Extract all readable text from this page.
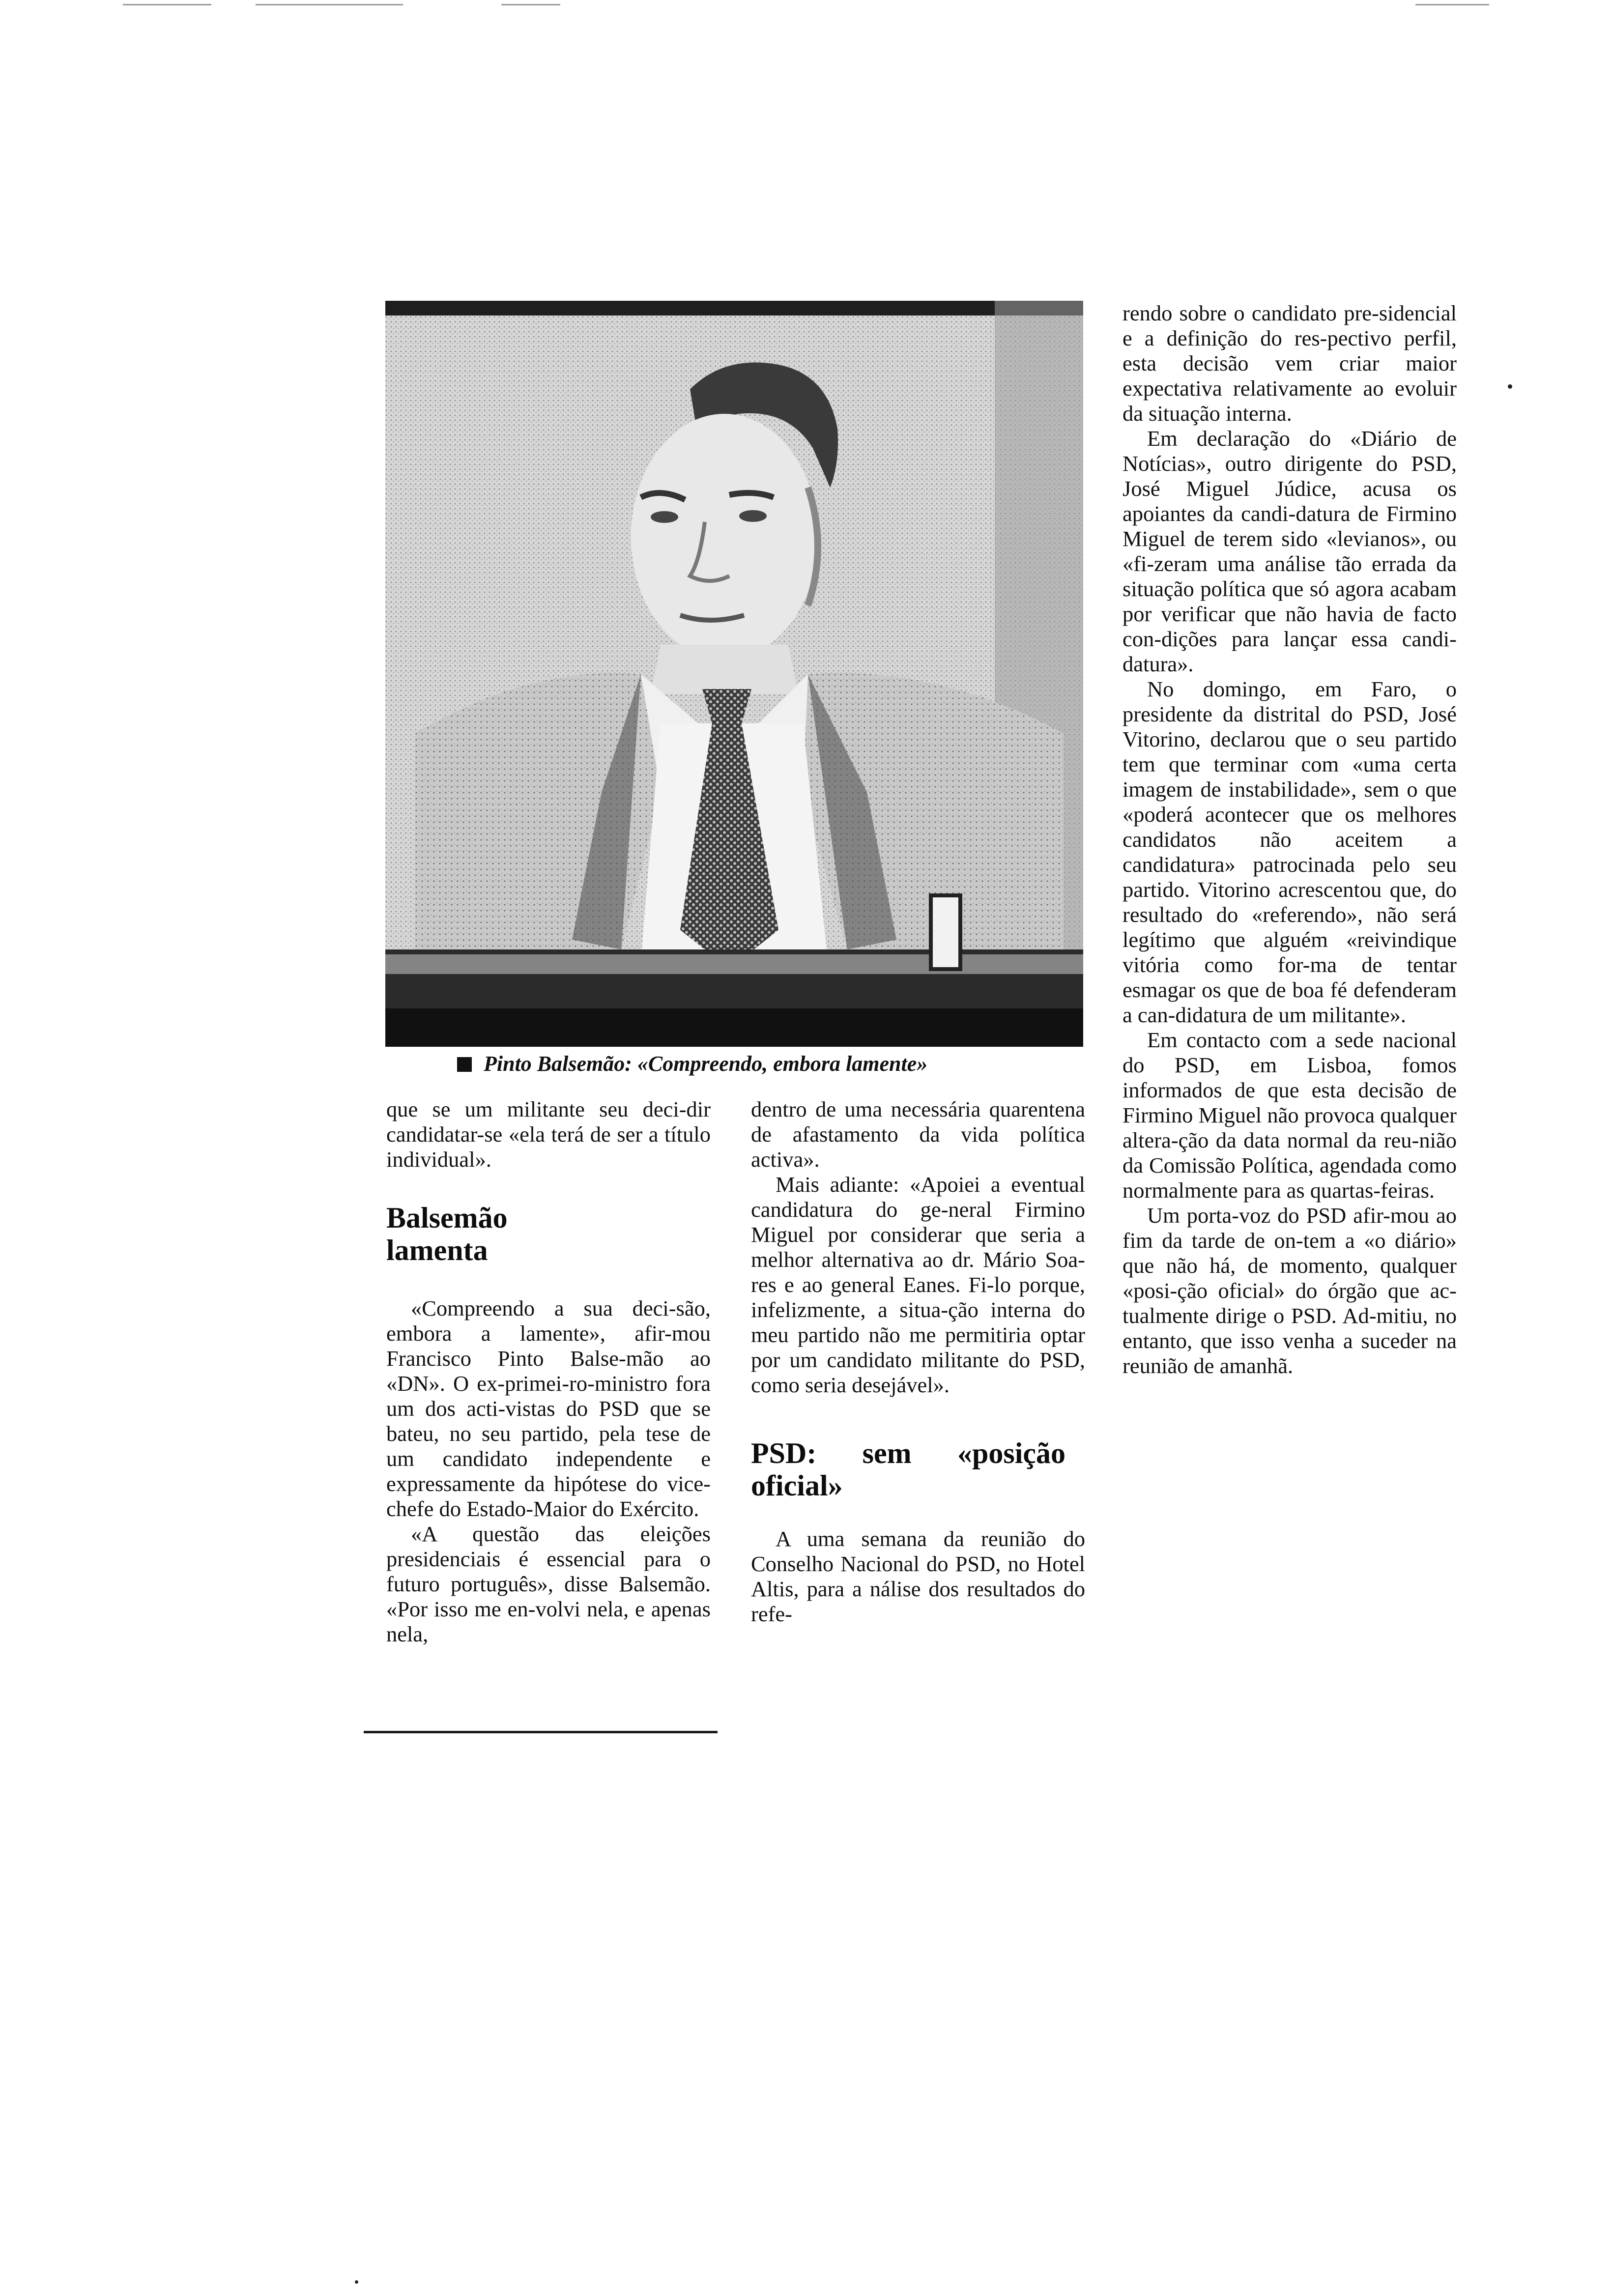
Pinto Balsemão: «Compreendo, embora lamente»

que se um militante seu deci-dir candidatar-se «ela terá de ser a título individual».

Balsemão lamenta

«Compreendo a sua deci-são, embora a lamente», afir-mou Francisco Pinto Balse-mão ao «DN». O ex-primei-ro-ministro fora um dos acti-vistas do PSD que se bateu, no seu partido, pela tese de um candidato independente e expressamente da hipótese do vice-chefe do Estado-Maior do Exército.

«A questão das eleições presidenciais é essencial para o futuro português», disse Balsemão. «Por isso me en-volvi nela, e apenas nela,

dentro de uma necessária quarentena de afastamento da vida política activa».

Mais adiante: «Apoiei a eventual candidatura do ge-neral Firmino Miguel por considerar que seria a melhor alternativa ao dr. Mário Soa-res e ao general Eanes. Fi-lo porque, infelizmente, a situa-ção interna do meu partido não me permitiria optar por um candidato militante do PSD, como seria desejável».

PSD: sem «posição oficial»

A uma semana da reunião do Conselho Nacional do PSD, no Hotel Altis, para a nálise dos resultados do refe-

rendo sobre o candidato pre-sidencial e a definição do res-pectivo perfil, esta decisão vem criar maior expectativa relativamente ao evoluir da situação interna.

Em declaração do «Diário de Notícias», outro dirigente do PSD, José Miguel Júdice, acusa os apoiantes da candi-datura de Firmino Miguel de terem sido «levianos», ou «fi-zeram uma análise tão errada da situação política que só agora acabam por verificar que não havia de facto con-dições para lançar essa candi-datura».

No domingo, em Faro, o presidente da distrital do PSD, José Vitorino, declarou que o seu partido tem que terminar com «uma certa imagem de instabilidade», sem o que «poderá acontecer que os melhores candidatos não aceitem a candidatura» patrocinada pelo seu partido. Vitorino acrescentou que, do resultado do «referendo», não será legítimo que alguém «reivindique vitória como for-ma de tentar esmagar os que de boa fé defenderam a can-didatura de um militante».

Em contacto com a sede nacional do PSD, em Lisboa, fomos informados de que esta decisão de Firmino Miguel não provoca qualquer altera-ção da data normal da reu-nião da Comissão Política, agendada como normalmente para as quartas-feiras.

Um porta-voz do PSD afir-mou ao fim da tarde de on-tem a «o diário» que não há, de momento, qualquer «posi-ção oficial» do órgão que ac-tualmente dirige o PSD. Ad-mitiu, no entanto, que isso venha a suceder na reunião de amanhã.
